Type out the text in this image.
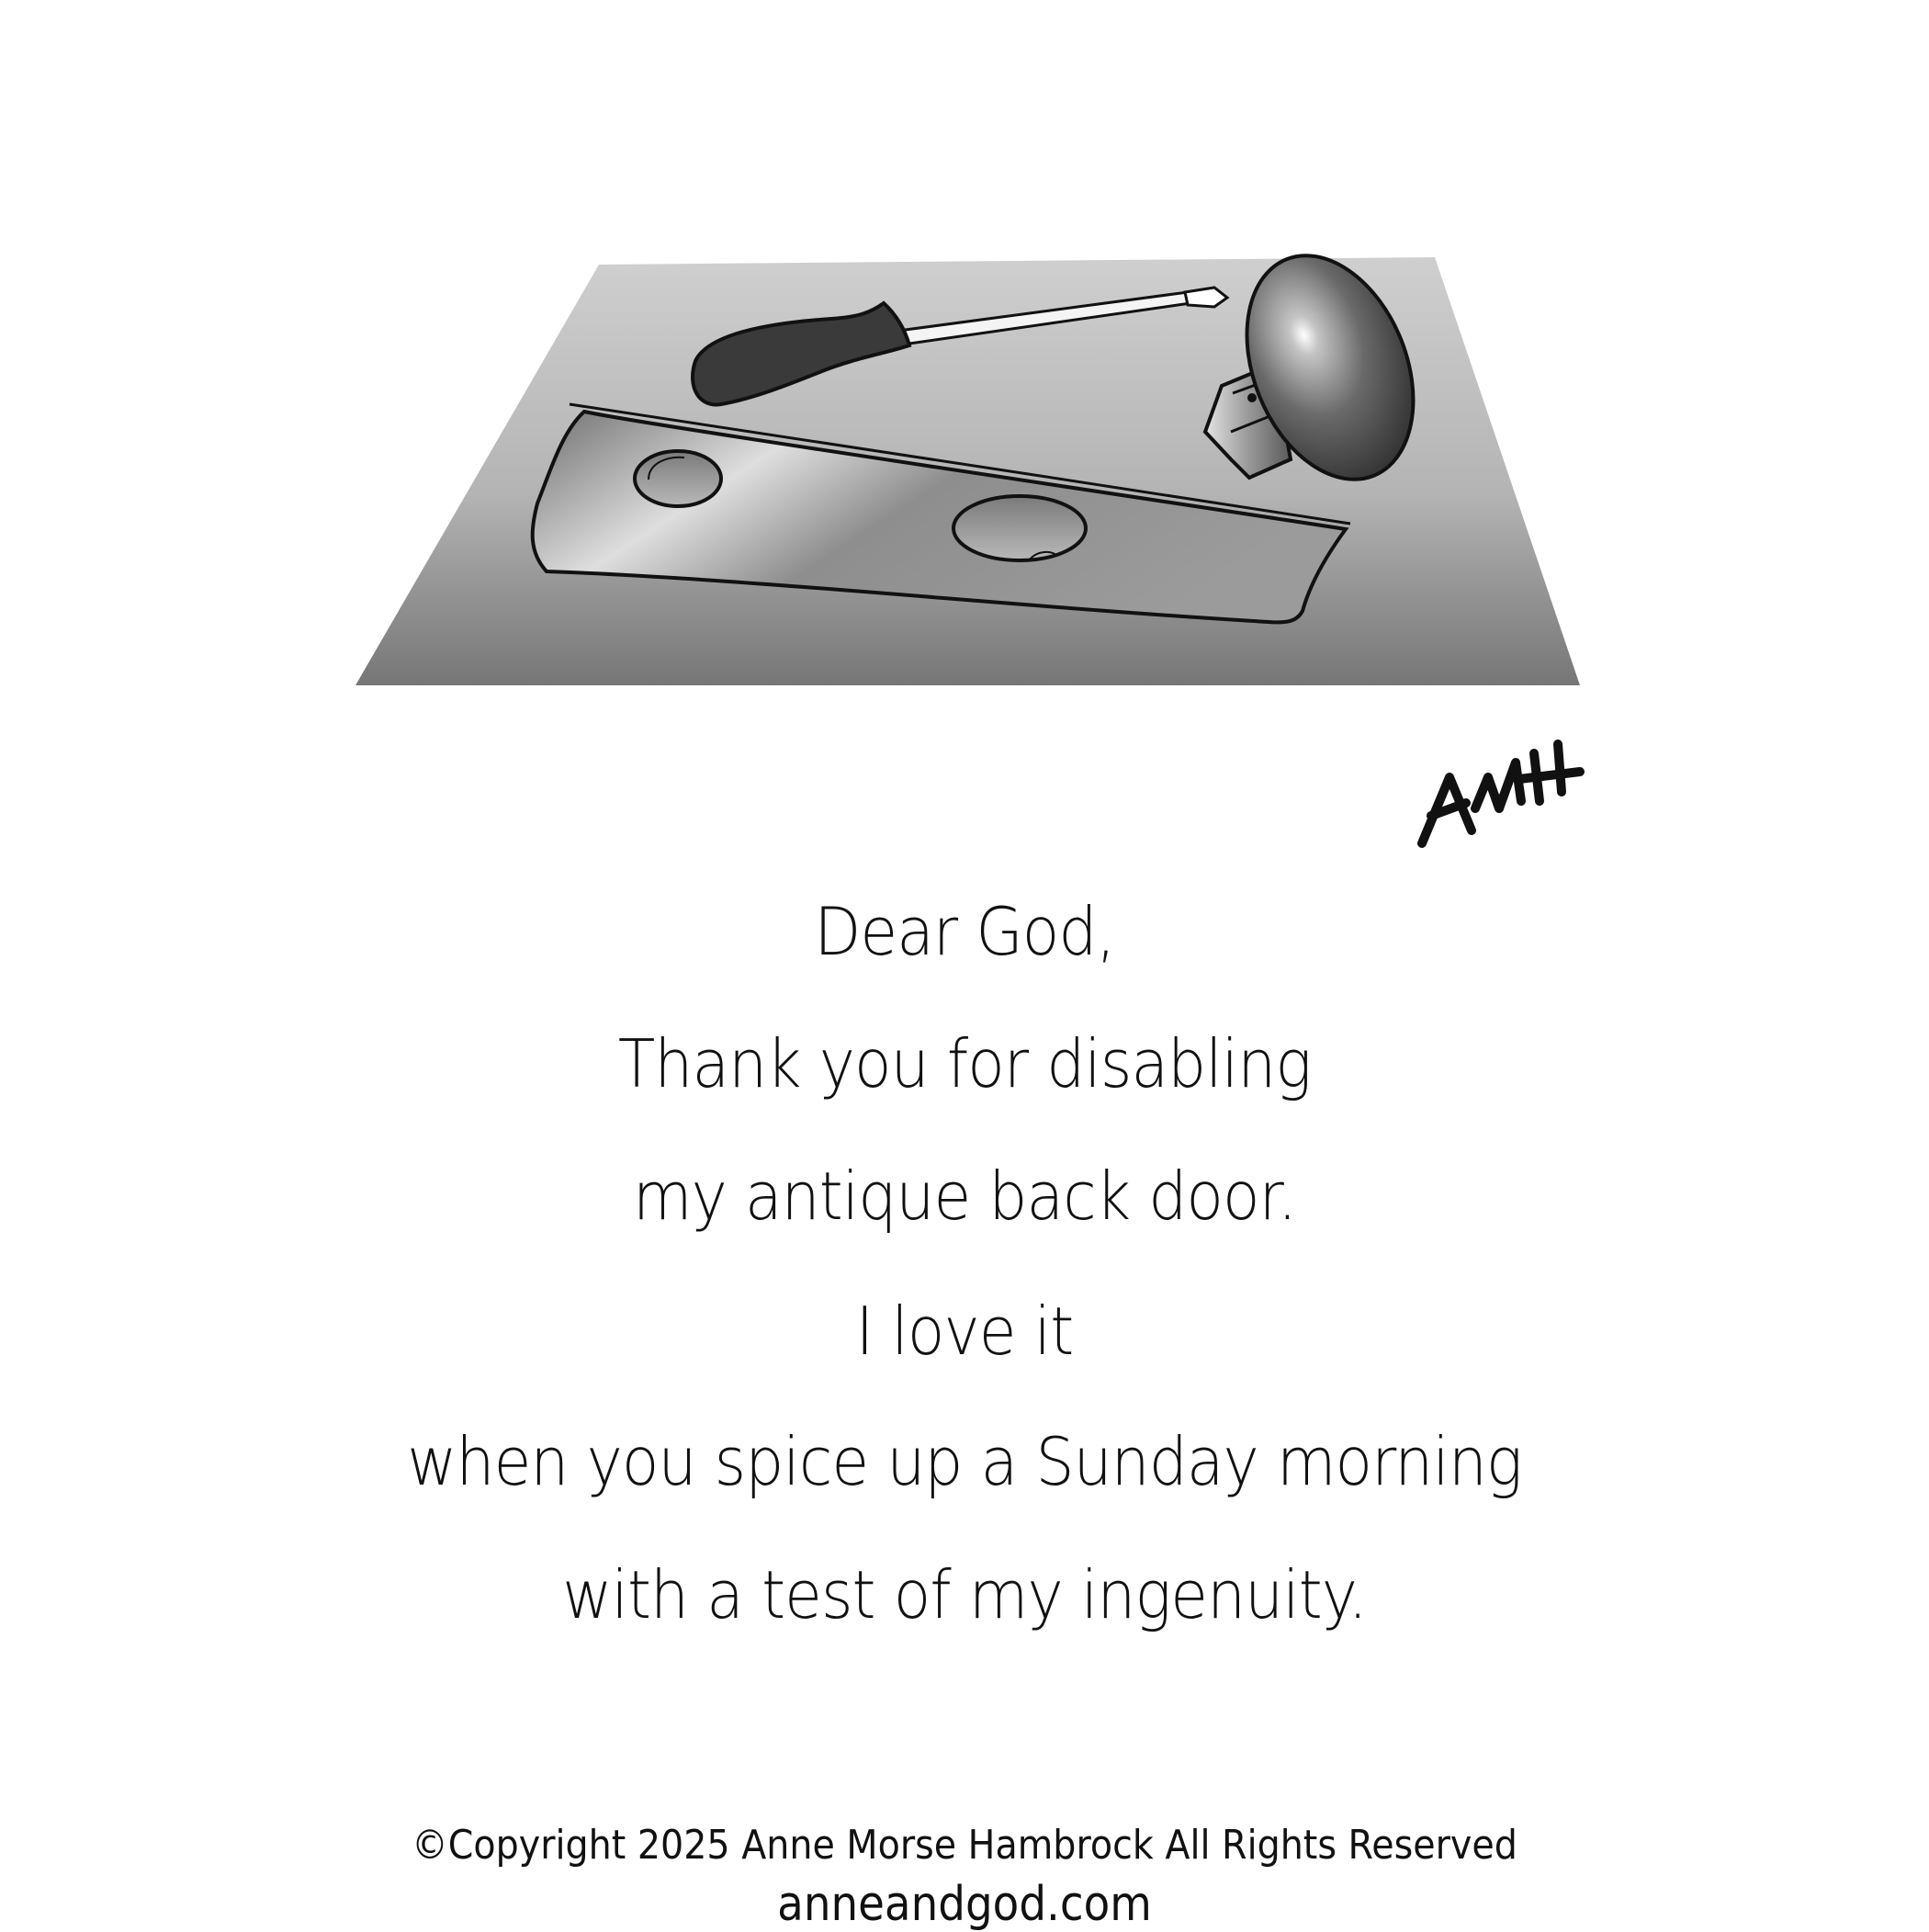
Dear God,
Thank you for disabling
my antique back door.
I love it
when you spice up a Sunday morning
with a test of my ingenuity.
©Copyright 2025 Anne Morse Hambrock All Rights Reserved
anneandgod.com
